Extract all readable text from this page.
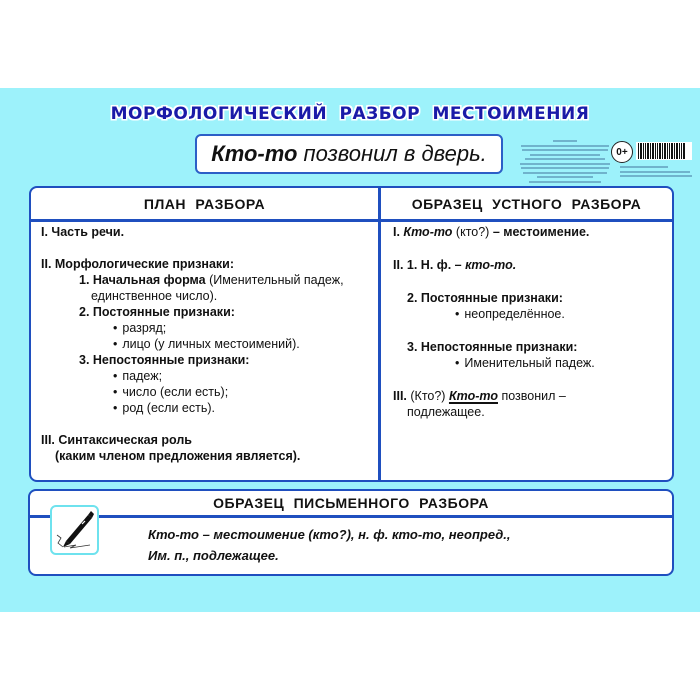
МОРФОЛОГИЧЕСКИЙ РАЗБОР МЕСТОИМЕНИЯ
Кто-то позвонил в дверь.	0+
ПЛАН РАЗБОРА	ОБРАЗЕЦ УСТНОГО РАЗБОРА
I. Часть речи.
II. Морфологические признаки:
1. Начальная форма (Именительный падеж,
единственное число).
2. Постоянные признаки:
• разряд;
• лицо (у личных местоимений).
3. Непостоянные признаки:
• падеж;
• число (если есть);
• род (если есть).
III. Синтаксическая роль
(каким членом предложения является).
I. Кто-то (кто?) – местоимение.
II. 1. Н. ф. – кто-то.
2. Постоянные признаки:
• неопределённое.
3. Непостоянные признаки:
• Именительный падеж.
III. (Кто?) Кто-то позвонил –
подлежащее.
ОБРАЗЕЦ ПИСЬМЕННОГО РАЗБОРА
Кто-то – местоимение (кто?), н. ф. кто-то, неопред.,
Им. п., подлежащее.
